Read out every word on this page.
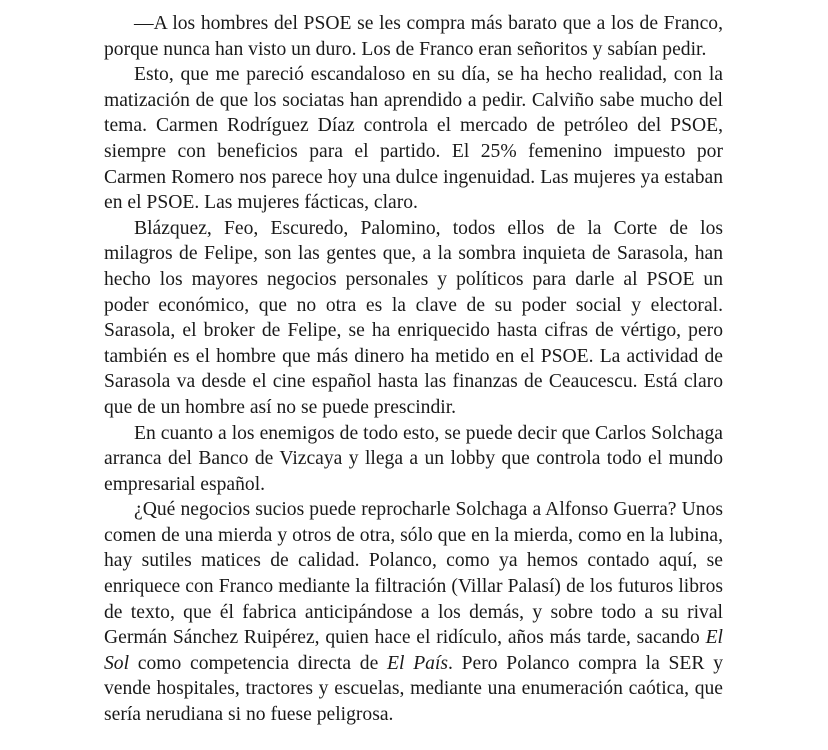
—A los hombres del PSOE se les compra más barato que a los de Franco, porque nunca han visto un duro. Los de Franco eran señoritos y sabían pedir.

Esto, que me pareció escandaloso en su día, se ha hecho realidad, con la matización de que los sociatas han aprendido a pedir. Calviño sabe mucho del tema. Carmen Rodríguez Díaz controla el mercado de petróleo del PSOE, siempre con beneficios para el partido. El 25% femenino impuesto por Carmen Romero nos parece hoy una dulce ingenuidad. Las mujeres ya estaban en el PSOE. Las mujeres fácticas, claro.

Blázquez, Feo, Escuredo, Palomino, todos ellos de la Corte de los milagros de Felipe, son las gentes que, a la sombra inquieta de Sarasola, han hecho los mayores negocios personales y políticos para darle al PSOE un poder económico, que no otra es la clave de su poder social y electoral. Sarasola, el broker de Felipe, se ha enriquecido hasta cifras de vértigo, pero también es el hombre que más dinero ha metido en el PSOE. La actividad de Sarasola va desde el cine español hasta las finanzas de Ceaucescu. Está claro que de un hombre así no se puede prescindir.

En cuanto a los enemigos de todo esto, se puede decir que Carlos Solchaga arranca del Banco de Vizcaya y llega a un lobby que controla todo el mundo empresarial español.

¿Qué negocios sucios puede reprocharle Solchaga a Alfonso Guerra? Unos comen de una mierda y otros de otra, sólo que en la mierda, como en la lubina, hay sutiles matices de calidad. Polanco, como ya hemos contado aquí, se enriquece con Franco mediante la filtración (Villar Palasí) de los futuros libros de texto, que él fabrica anticipándose a los demás, y sobre todo a su rival Germán Sánchez Ruipérez, quien hace el ridículo, años más tarde, sacando El Sol como competencia directa de El País. Pero Polanco compra la SER y vende hospitales, tractores y escuelas, mediante una enumeración caótica, que sería nerudiana si no fuese peligrosa.
